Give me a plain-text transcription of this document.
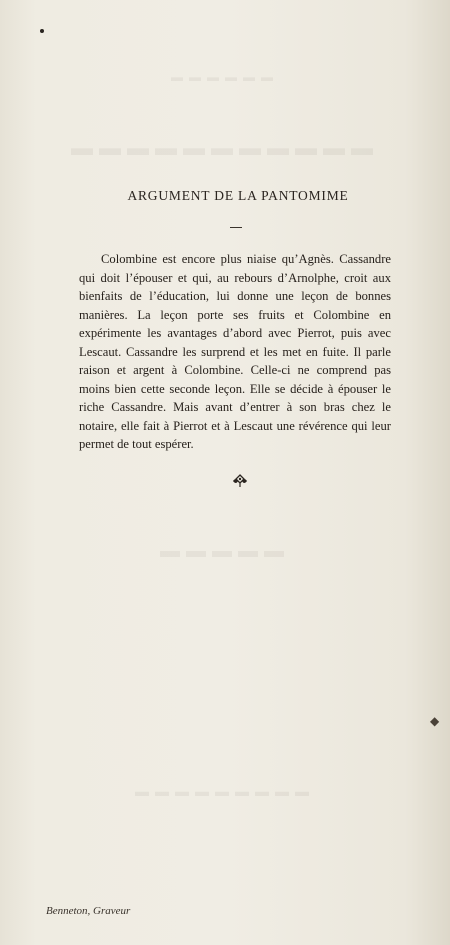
▬▬▬▬▬▬
▬▬▬▬▬▬▬▬▬▬▬
▬▬▬▬▬
▬▬▬▬▬▬▬▬▬
◆
ARGUMENT DE LA PANTOMIME

Colombine est encore plus niaise qu’Agnès. Cassandre qui doit l’épouser et qui, au rebours d’Arnolphe, croit aux bienfaits de l’éducation, lui donne une leçon de bonnes manières. La leçon porte ses fruits et Colombine en expérimente les avantages d’abord avec Pierrot, puis avec Lescaut. Cassandre les surprend et les met en fuite. Il parle raison et argent à Colombine. Celle-ci ne comprend pas moins bien cette seconde leçon. Elle se décide à épouser le riche Cassandre. Mais avant d’entrer à son bras chez le notaire, elle fait à Pierrot et à Lescaut une révérence qui leur permet de tout espérer.

Benneton, Graveur
